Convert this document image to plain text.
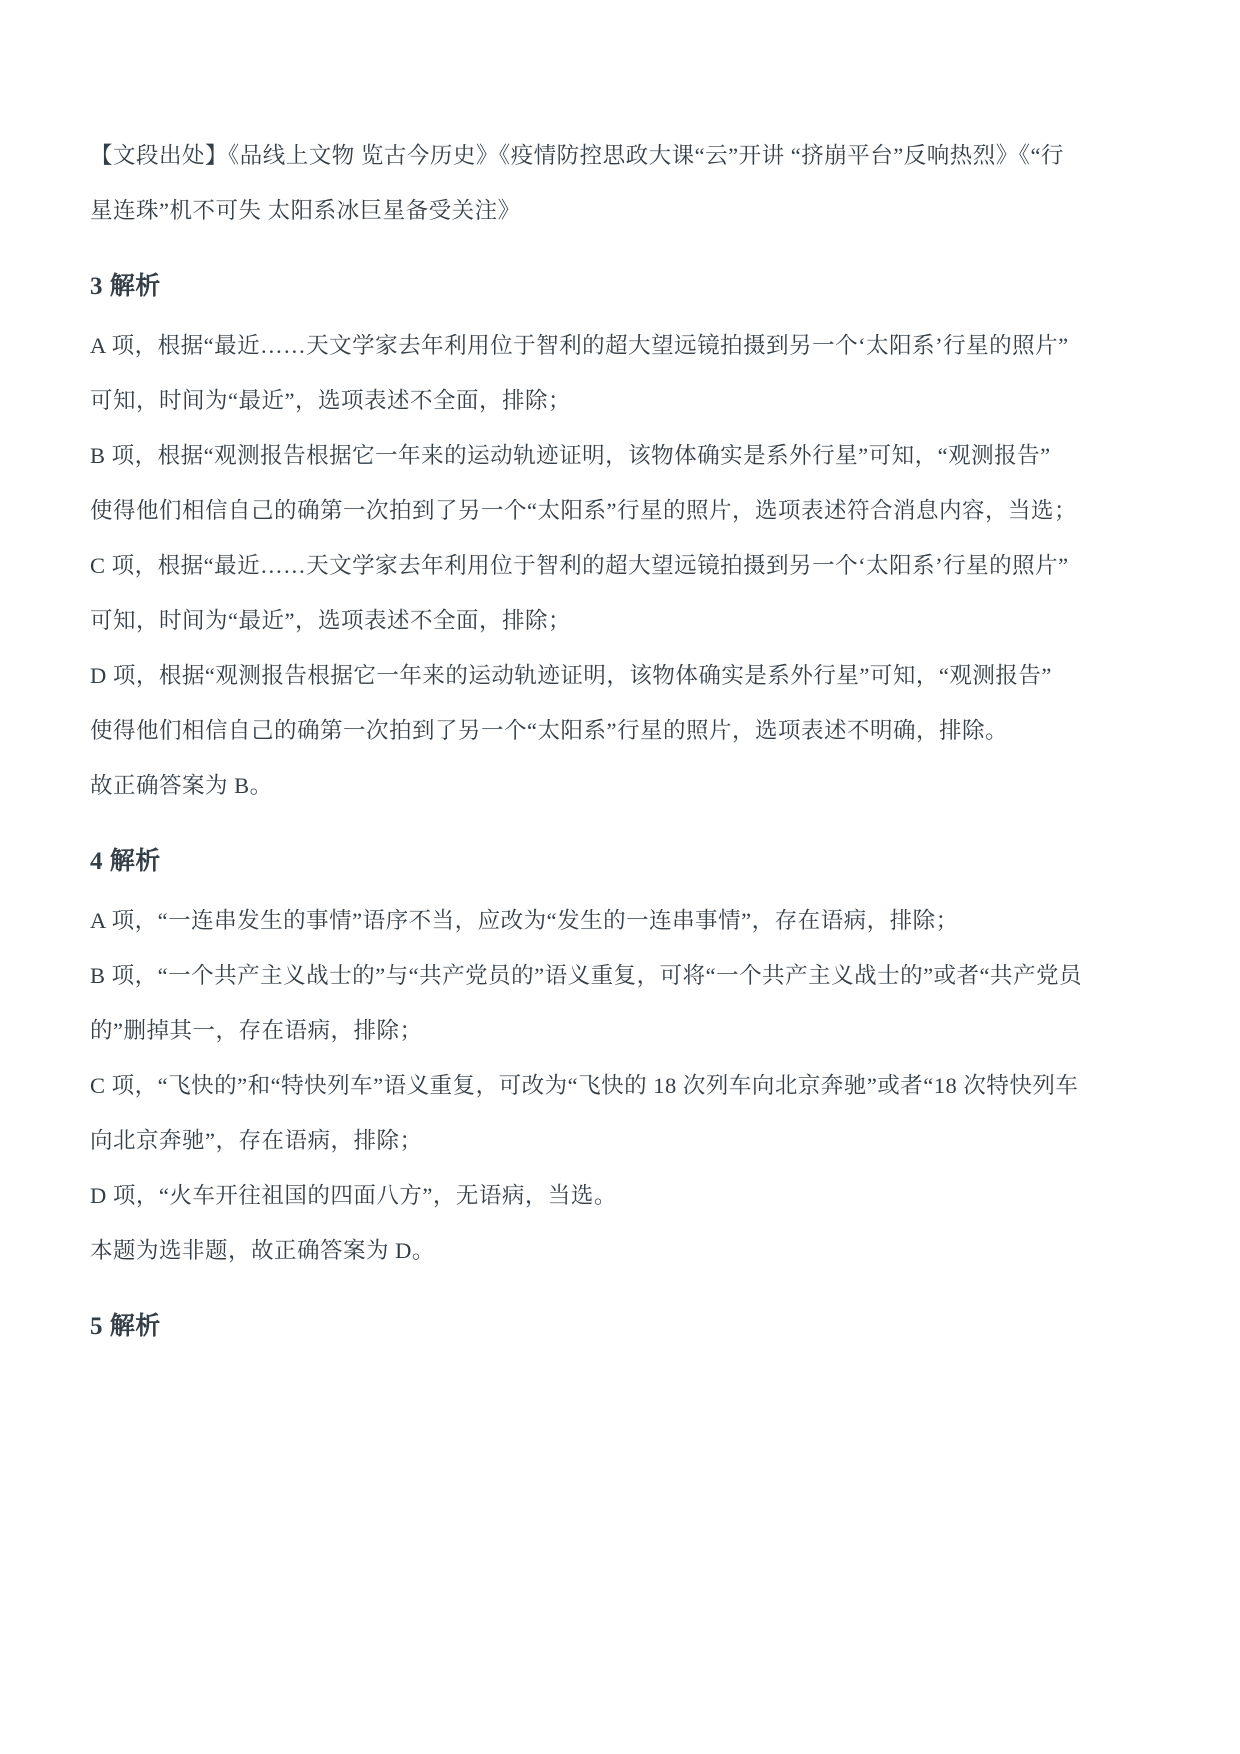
【文段出处】《品线上文物 览古今历史》《疫情防控思政大课“云”开讲 “挤崩平台”反响热烈》《“行
星连珠”机不可失 太阳系冰巨星备受关注》
3 解析
A 项，根据“最近……天文学家去年利用位于智利的超大望远镜拍摄到另一个‘太阳系’行星的照片”
可知，时间为“最近”，选项表述不全面，排除；
B 项，根据“观测报告根据它一年来的运动轨迹证明，该物体确实是系外行星”可知，“观测报告”
使得他们相信自己的确第一次拍到了另一个“太阳系”行星的照片，选项表述符合消息内容，当选；
C 项，根据“最近……天文学家去年利用位于智利的超大望远镜拍摄到另一个‘太阳系’行星的照片”
可知，时间为“最近”，选项表述不全面，排除；
D 项，根据“观测报告根据它一年来的运动轨迹证明，该物体确实是系外行星”可知，“观测报告”
使得他们相信自己的确第一次拍到了另一个“太阳系”行星的照片，选项表述不明确，排除。
故正确答案为 B。
4 解析
A 项，“一连串发生的事情”语序不当，应改为“发生的一连串事情”，存在语病，排除；
B 项，“一个共产主义战士的”与“共产党员的”语义重复，可将“一个共产主义战士的”或者“共产党员
的”删掉其一，存在语病，排除；
C 项，“飞快的”和“特快列车”语义重复，可改为“飞快的 18 次列车向北京奔驰”或者“18 次特快列车
向北京奔驰”，存在语病，排除；
D 项，“火车开往祖国的四面八方”，无语病，当选。
本题为选非题，故正确答案为 D。
5 解析
